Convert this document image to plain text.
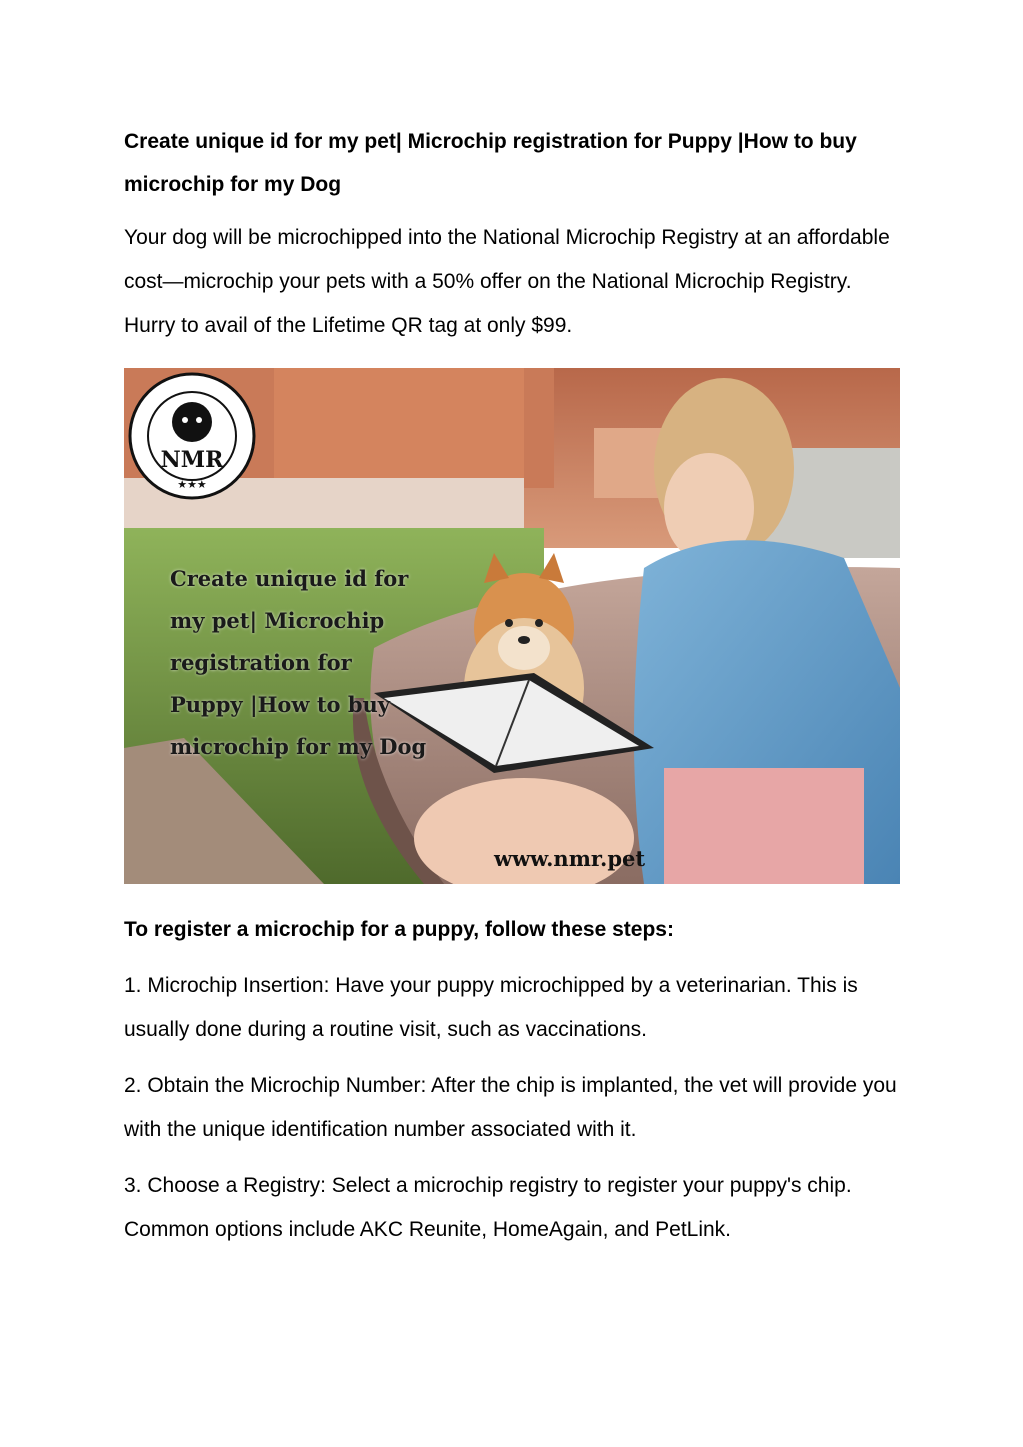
Create unique id for my pet| Microchip registration for Puppy |How to buy microchip for my Dog

Your dog will be microchipped into the National Microchip Registry at an affordable cost—microchip your pets with a 50% offer on the National Microchip Registry. Hurry to avail of the Lifetime QR tag at only $99.

NMR
★★★
Create unique id for my pet| Microchip registration for Puppy |How to buy microchip for my Dog
www.nmr.pet

To register a microchip for a puppy, follow these steps:

1. Microchip Insertion: Have your puppy microchipped by a veterinarian. This is usually done during a routine visit, such as vaccinations.

2. Obtain the Microchip Number: After the chip is implanted, the vet will provide you with the unique identification number associated with it.

3. Choose a Registry: Select a microchip registry to register your puppy's chip. Common options include AKC Reunite, HomeAgain, and PetLink.
